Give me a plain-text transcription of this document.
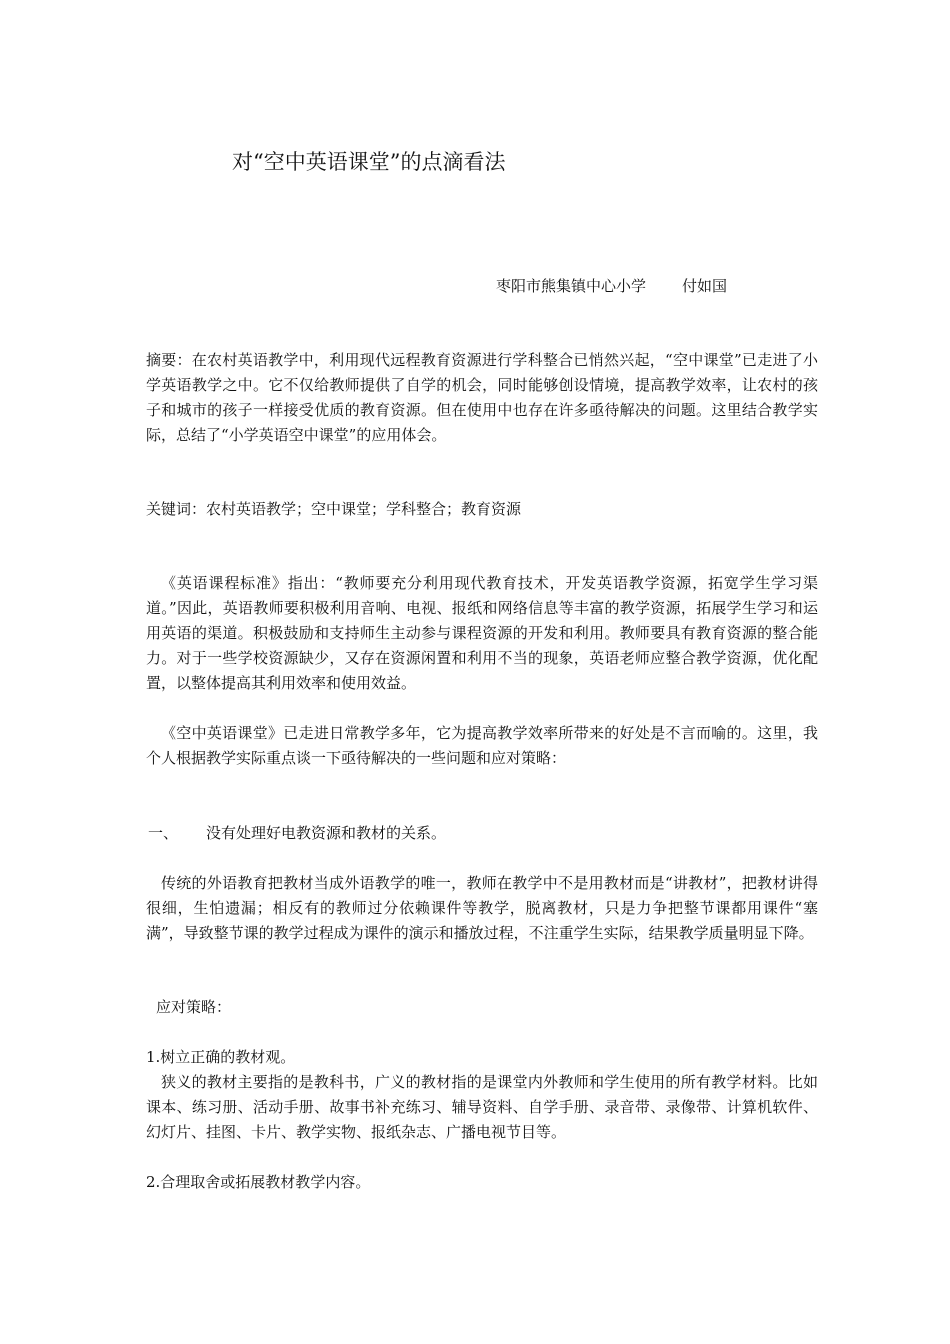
对“空中英语课堂”的点滴看法
枣阳市熊集镇中心小学 付如国
摘要：在农村英语教学中，利用现代远程教育资源进行学科整合已悄然兴起，“空中课堂”已走进了小学英语教学之中。它不仅给教师提供了自学的机会，同时能够创设情境，提高教学效率，让农村的孩子和城市的孩子一样接受优质的教育资源。但在使用中也存在许多亟待解决的问题。这里结合教学实际，总结了“小学英语空中课堂”的应用体会。
关键词：农村英语教学；空中课堂；学科整合；教育资源
《英语课程标准》指出：“教师要充分利用现代教育技术，开发英语教学资源，拓宽学生学习渠道。”因此，英语教师要积极利用音响、电视、报纸和网络信息等丰富的教学资源，拓展学生学习和运用英语的渠道。积极鼓励和支持师生主动参与课程资源的开发和利用。教师要具有教育资源的整合能力。对于一些学校资源缺少，又存在资源闲置和利用不当的现象，英语老师应整合教学资源，优化配置，以整体提高其利用效率和使用效益。
《空中英语课堂》已走进日常教学多年，它为提高教学效率所带来的好处是不言而喻的。这里，我个人根据教学实际重点谈一下亟待解决的一些问题和应对策略：
一、 没有处理好电教资源和教材的关系。
传统的外语教育把教材当成外语教学的唯一，教师在教学中不是用教材而是“讲教材”，把教材讲得很细，生怕遗漏；相反有的教师过分依赖课件等教学，脱离教材，只是力争把整节课都用课件“塞满”，导致整节课的教学过程成为课件的演示和播放过程，不注重学生实际，结果教学质量明显下降。
应对策略：
1.树立正确的教材观。
狭义的教材主要指的是教科书，广义的教材指的是课堂内外教师和学生使用的所有教学材料。比如课本、练习册、活动手册、故事书补充练习、辅导资料、自学手册、录音带、录像带、计算机软件、幻灯片、挂图、卡片、教学实物、报纸杂志、广播电视节目等。
2.合理取舍或拓展教材教学内容。
